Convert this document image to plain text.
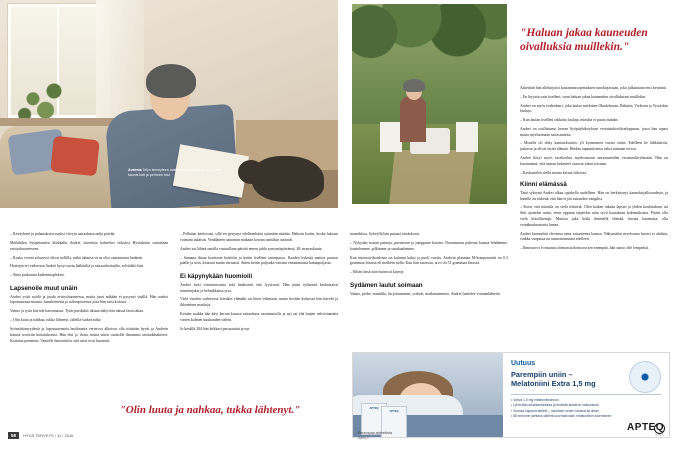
Avaimia Teij:n terveyteen ovat muun muassa hyvät yöunet, kaunis koti ja perheen tuki.
"Haluan jakaa kauneuden oivalluksia muillekin."

Äskettäin hän allekirjoitti kustannussopimuksen runokirjastaan, joka julkaistaan ensi keväänä.

– En kirjoita vain itselleni, vaan haluan jakaa kauneuden oivalluksiani muillekin.

Andrei on myös tvubadueri, joka laulaa mieluiten Okudzhavan, Rakinin, Vizborin ja Vysotskin lauluja.

– Kun laulan itselleni rakkaita lauluja, minulta ei puutu mitään.

Andrei on osallistunut kerran Syöpäyhdistyksen vertaistukiviikonloppuun, jossa hän tapasi muita myeloomaan sairastuneita.

– Monille oli tehty kantasolusiirto yli kymmenen vuotta sitten. Edelleen he hihkäisivät, jaskavat ja elivät täyttä elämää. Heidän tapaamisensa vaksi mimaan toivoa.

Andrei liittyi myös facebookin myeloomaan sairastuneiden vertaistukiryhmään. Hän on huomannut, että saman kokeneet osaavat tukea toisiaan.

– Keskustelen siellä monta kertaa viikossa.

Kiinni elämässä

Tänä syksynä Andrei alkaa opiskella uudelleen. Hän on herkistynyt kaunokirjallisuudesta, ja hänelle on tärkeää, että hän ei jää sairauden vangiksi.

– Koen, että minulla on vielä tehtäviä. Olen kaiken aikaan lapsen ja yhden koulutuksen isä Sitti ajattelen uuttu, etten oppinut tarpeeksi näin syvä kautakaan kokemuksista. Pitäisi olla vielä kiitollisempi. Mutista joka hetki ihmetellä elämää, huvata kauneutta, olla veinäkuulmatonta lamaa.

Andrei luonnehtii olevansa sinut sairautensa kanssa. Näkymätön myelooma kaveri ei ahdista, vaikka vaapassa on tunnottomuutta edelleen.

– Ihmisarvot ei muutuu olemassaolotasoon sen enempää, hän sanoo olle lempeästi.

– Keväyksen ja palautuksen vuoksi viivyin sairaalassa neljä päivää.

Meilahden Syöpätautien klinikalla Andrei siirrettiin kolmeksi viikoksi Hyvinkään sairaalaan eristyshuoneeseen.

– Koska voreni soluarvot olivat nollilla, mikä tahansa virus olisi vaarantanut henkeni.

Huttojen eri vaiheessa Andrei kysyi usein lääkäriltä ja sairaanhoitajilta, selviääkö hän.

– Siinä purkautui kaikenmaplekini.

Lapsenoile muut unäin

Andrei yritti syödä ja juoda eristyshuoneessa, mutta jauri mikään ei pysynyt sisällä. Hän uaeksi laposuutensa maasta, kanalieniestä ja taltarspeoersta joita hän saisi koitosa.

Vaimo ja tytär kävivät katsomassa. Tytär purskahti itkuun näkyviän näissä lasin takaa.

– Olin kuita ja nahkaa, tukka lähtenyt, iideilla surkea näky.

Syömättömyydestä ja laposuutenasta huolimatta veriarvot alkoivat olla riittävän hyvät ja Andrein kanssa sovittiin kotiutuksesta. Hän ehti jo iloita, mutta sitten osastolle ilmaantui taistudubakteeri. Kotiutus perumtui. Vamolle ilmoitettiin, että asiat ovat huonosti.

– Pelkäsin kaolovani, sillä en pystynyt edelleenkään syömään mitään. Halusin kotiin, koska halusin voimani takaisin. Venäläinen sanontan mukaan kotona smitäkin auttavat.

Andrei sai lähteä omalla vastuullaan päivää ennen juhla syntymäpäivänsä, 48. marraskuuta.

– Samana iltana konttasin kettiöön ja keitin itselleni tattarpuroa. Kaaden kylmää maitoa puuron päälle ja söin, lottasati mutta varmasti. Sitten keitin puljonka vatonni ensämmäistä kananpoijasta.

Ei käpynykään huomioili

Andrei luoti voimistuvansa seki henkisesti että fyysisesti. Hän pääsi työhönsä keskustaisti toimittajaksi ja hehnikkaasa yrsa.

Vielä vuoden vaihteessa loivakin ylämäki sai hiien vahrnaan, mutta kevään kuluessa hän kävelti ja ikkenetten mashoja.

Kesään saakka hän kävi kerran kuussa sairaalassa vastaanotolla ja nyt asi yhä luujen vahvistamista varten kolmen kuukauden välein.

Jo kesällä 204 hän leikkasi perusautiat ja nyt

nurmikkoa. Sykeyllä hän putaasi rästäskorat.

– Nykyään nostan painoja, puznerran ja jumppaan kotona. Nuorimman puheani kanssa lehdämme, kaistelemme, pilkimme ja snorkaalemme.

Kun intensiivihoidoista on kulunut kaksi ja puoli vuotta, Andrein plasman M-komponentti on 0,3 grammaa litrassa eli melkein nolla. Kun hän sairastui, arvo oli 51 grammaa litrassa.

– Eihän tässä niin huonosti käynyt.

Sydämen laulut soimaan

Vaimo, perhe, musiikki, kirjoittaminen, ystävät, matkustaminen. Andrei luettelee voimanlähteitä.

"Olin luuta ja nahkaa, tukka lähtenyt."
58 HYVÄ TERVEYS / 11 / 2016
APTEQ
APTEQ
Uutuus
Parempiin uniin –
Melatoniini Extra 1,5 mg
• Vahva 1,5 mg melatoniiniannos
• Lyhentää nukahtamisaikaa ja lievittää aikaeron vaikutuksia
• Suussa hajoava tabletti – nautitaan veden kanssa tai ilman
• 88 erinomin jaettava tabletti kuormahoidon melatoniinin tukemiseen
Parempaa apteekista
apteq.fi
APTEQ
SINÄ
